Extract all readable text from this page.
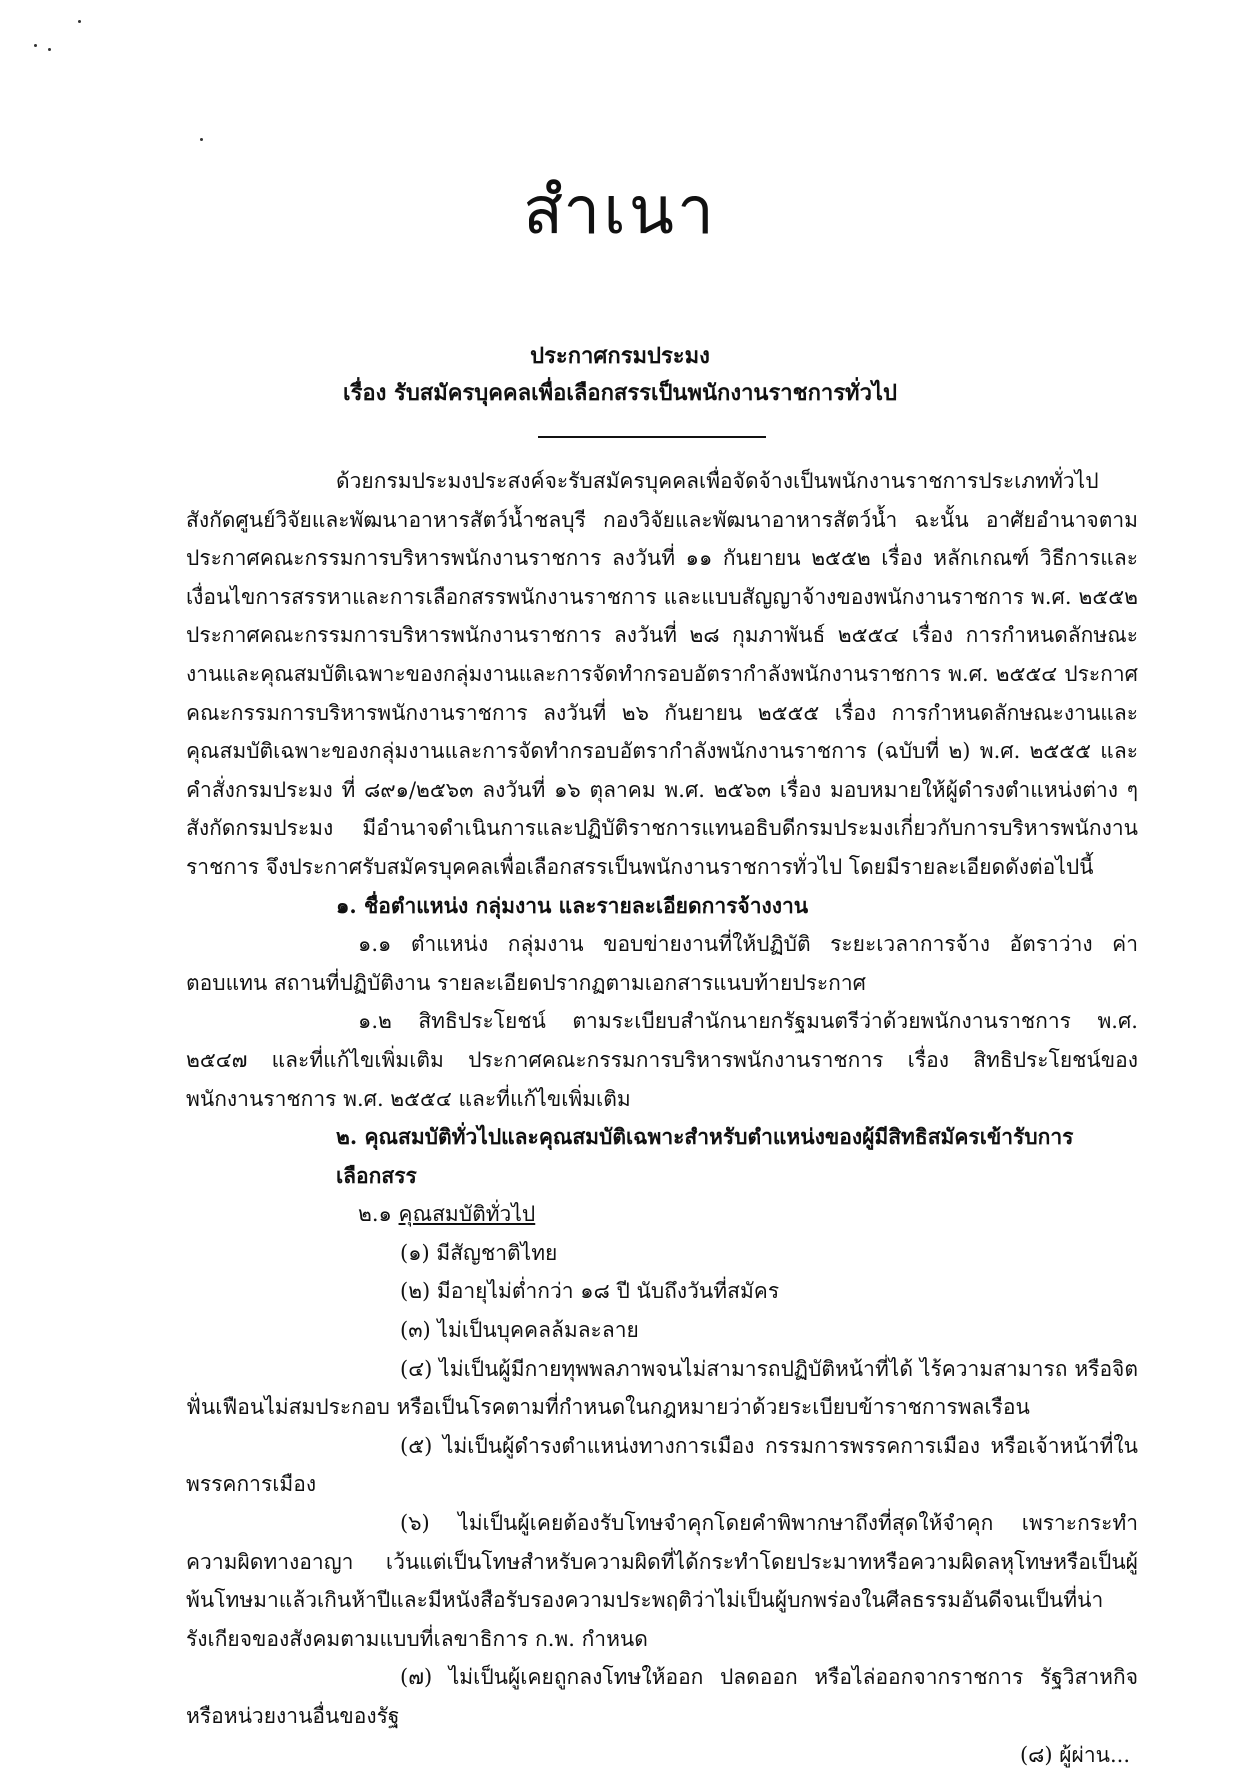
สำเนา
ประกาศกรมประมง
เรื่อง รับสมัครบุคคลเพื่อเลือกสรรเป็นพนักงานราชการทั่วไป

ด้วยกรมประมงประสงค์จะรับสมัครบุคคลเพื่อจัดจ้างเป็นพนักงานราชการประเภททั่วไป สังกัดศูนย์วิจัยและพัฒนาอาหารสัตว์น้ำชลบุรี กองวิจัยและพัฒนาอาหารสัตว์น้ำ ฉะนั้น อาศัยอำนาจตามประกาศคณะกรรมการบริหารพนักงานราชการ ลงวันที่ ๑๑ กันยายน ๒๕๕๒ เรื่อง หลักเกณฑ์ วิธีการและเงื่อนไขการสรรหาและการเลือกสรรพนักงานราชการ และแบบสัญญาจ้างของพนักงานราชการ พ.ศ. ๒๕๕๒ ประกาศคณะกรรมการบริหารพนักงานราชการ ลงวันที่ ๒๘ กุมภาพันธ์ ๒๕๕๔ เรื่อง การกำหนดลักษณะงานและคุณสมบัติเฉพาะของกลุ่มงานและการจัดทำกรอบอัตรากำลังพนักงานราชการ พ.ศ. ๒๕๕๔ ประกาศคณะกรรมการบริหารพนักงานราชการ ลงวันที่ ๒๖ กันยายน ๒๕๕๕ เรื่อง การกำหนดลักษณะงานและคุณสมบัติเฉพาะของกลุ่มงานและการจัดทำกรอบอัตรากำลังพนักงานราชการ (ฉบับที่ ๒) พ.ศ. ๒๕๕๕ และคำสั่งกรมประมง ที่ ๘๙๑/๒๕๖๓ ลงวันที่ ๑๖ ตุลาคม พ.ศ. ๒๕๖๓ เรื่อง มอบหมายให้ผู้ดำรงตำแหน่งต่าง ๆ สังกัดกรมประมง มีอำนาจดำเนินการและปฏิบัติราชการแทนอธิบดีกรมประมงเกี่ยวกับการบริหารพนักงานราชการ จึงประกาศรับสมัครบุคคลเพื่อเลือกสรรเป็นพนักงานราชการทั่วไป โดยมีรายละเอียดดังต่อไปนี้

๑. ชื่อตำแหน่ง กลุ่มงาน และรายละเอียดการจ้างงาน

๑.๑ ตำแหน่ง กลุ่มงาน ขอบข่ายงานที่ให้ปฏิบัติ ระยะเวลาการจ้าง อัตราว่าง ค่าตอบแทน สถานที่ปฏิบัติงาน รายละเอียดปรากฏตามเอกสารแนบท้ายประกาศ

๑.๒ สิทธิประโยชน์ ตามระเบียบสำนักนายกรัฐมนตรีว่าด้วยพนักงานราชการ พ.ศ. ๒๕๔๗ และที่แก้ไขเพิ่มเติม ประกาศคณะกรรมการบริหารพนักงานราชการ เรื่อง สิทธิประโยชน์ของพนักงานราชการ พ.ศ. ๒๕๕๔ และที่แก้ไขเพิ่มเติม

๒. คุณสมบัติทั่วไปและคุณสมบัติเฉพาะสำหรับตำแหน่งของผู้มีสิทธิสมัครเข้ารับการเลือกสรร

๒.๑ คุณสมบัติทั่วไป

(๑) มีสัญชาติไทย

(๒) มีอายุไม่ต่ำกว่า ๑๘ ปี นับถึงวันที่สมัคร

(๓) ไม่เป็นบุคคลล้มละลาย

(๔) ไม่เป็นผู้มีกายทุพพลภาพจนไม่สามารถปฏิบัติหน้าที่ได้ ไร้ความสามารถ หรือจิตฟั่นเฟือนไม่สมประกอบ หรือเป็นโรคตามที่กำหนดในกฎหมายว่าด้วยระเบียบข้าราชการพลเรือน

(๕) ไม่เป็นผู้ดำรงตำแหน่งทางการเมือง กรรมการพรรคการเมือง หรือเจ้าหน้าที่ในพรรคการเมือง

(๖) ไม่เป็นผู้เคยต้องรับโทษจำคุกโดยคำพิพากษาถึงที่สุดให้จำคุก เพราะกระทำความผิดทางอาญา เว้นแต่เป็นโทษสำหรับความผิดที่ได้กระทำโดยประมาทหรือความผิดลหุโทษหรือเป็นผู้พ้นโทษมาแล้วเกินห้าปีและมีหนังสือรับรองความประพฤติว่าไม่เป็นผู้บกพร่องในศีลธรรมอันดีจนเป็นที่น่ารังเกียจของสังคมตามแบบที่เลขาธิการ ก.พ. กำหนด

(๗) ไม่เป็นผู้เคยถูกลงโทษให้ออก ปลดออก หรือไล่ออกจากราชการ รัฐวิสาหกิจ หรือหน่วยงานอื่นของรัฐ

(๘) ผู้ผ่าน...
